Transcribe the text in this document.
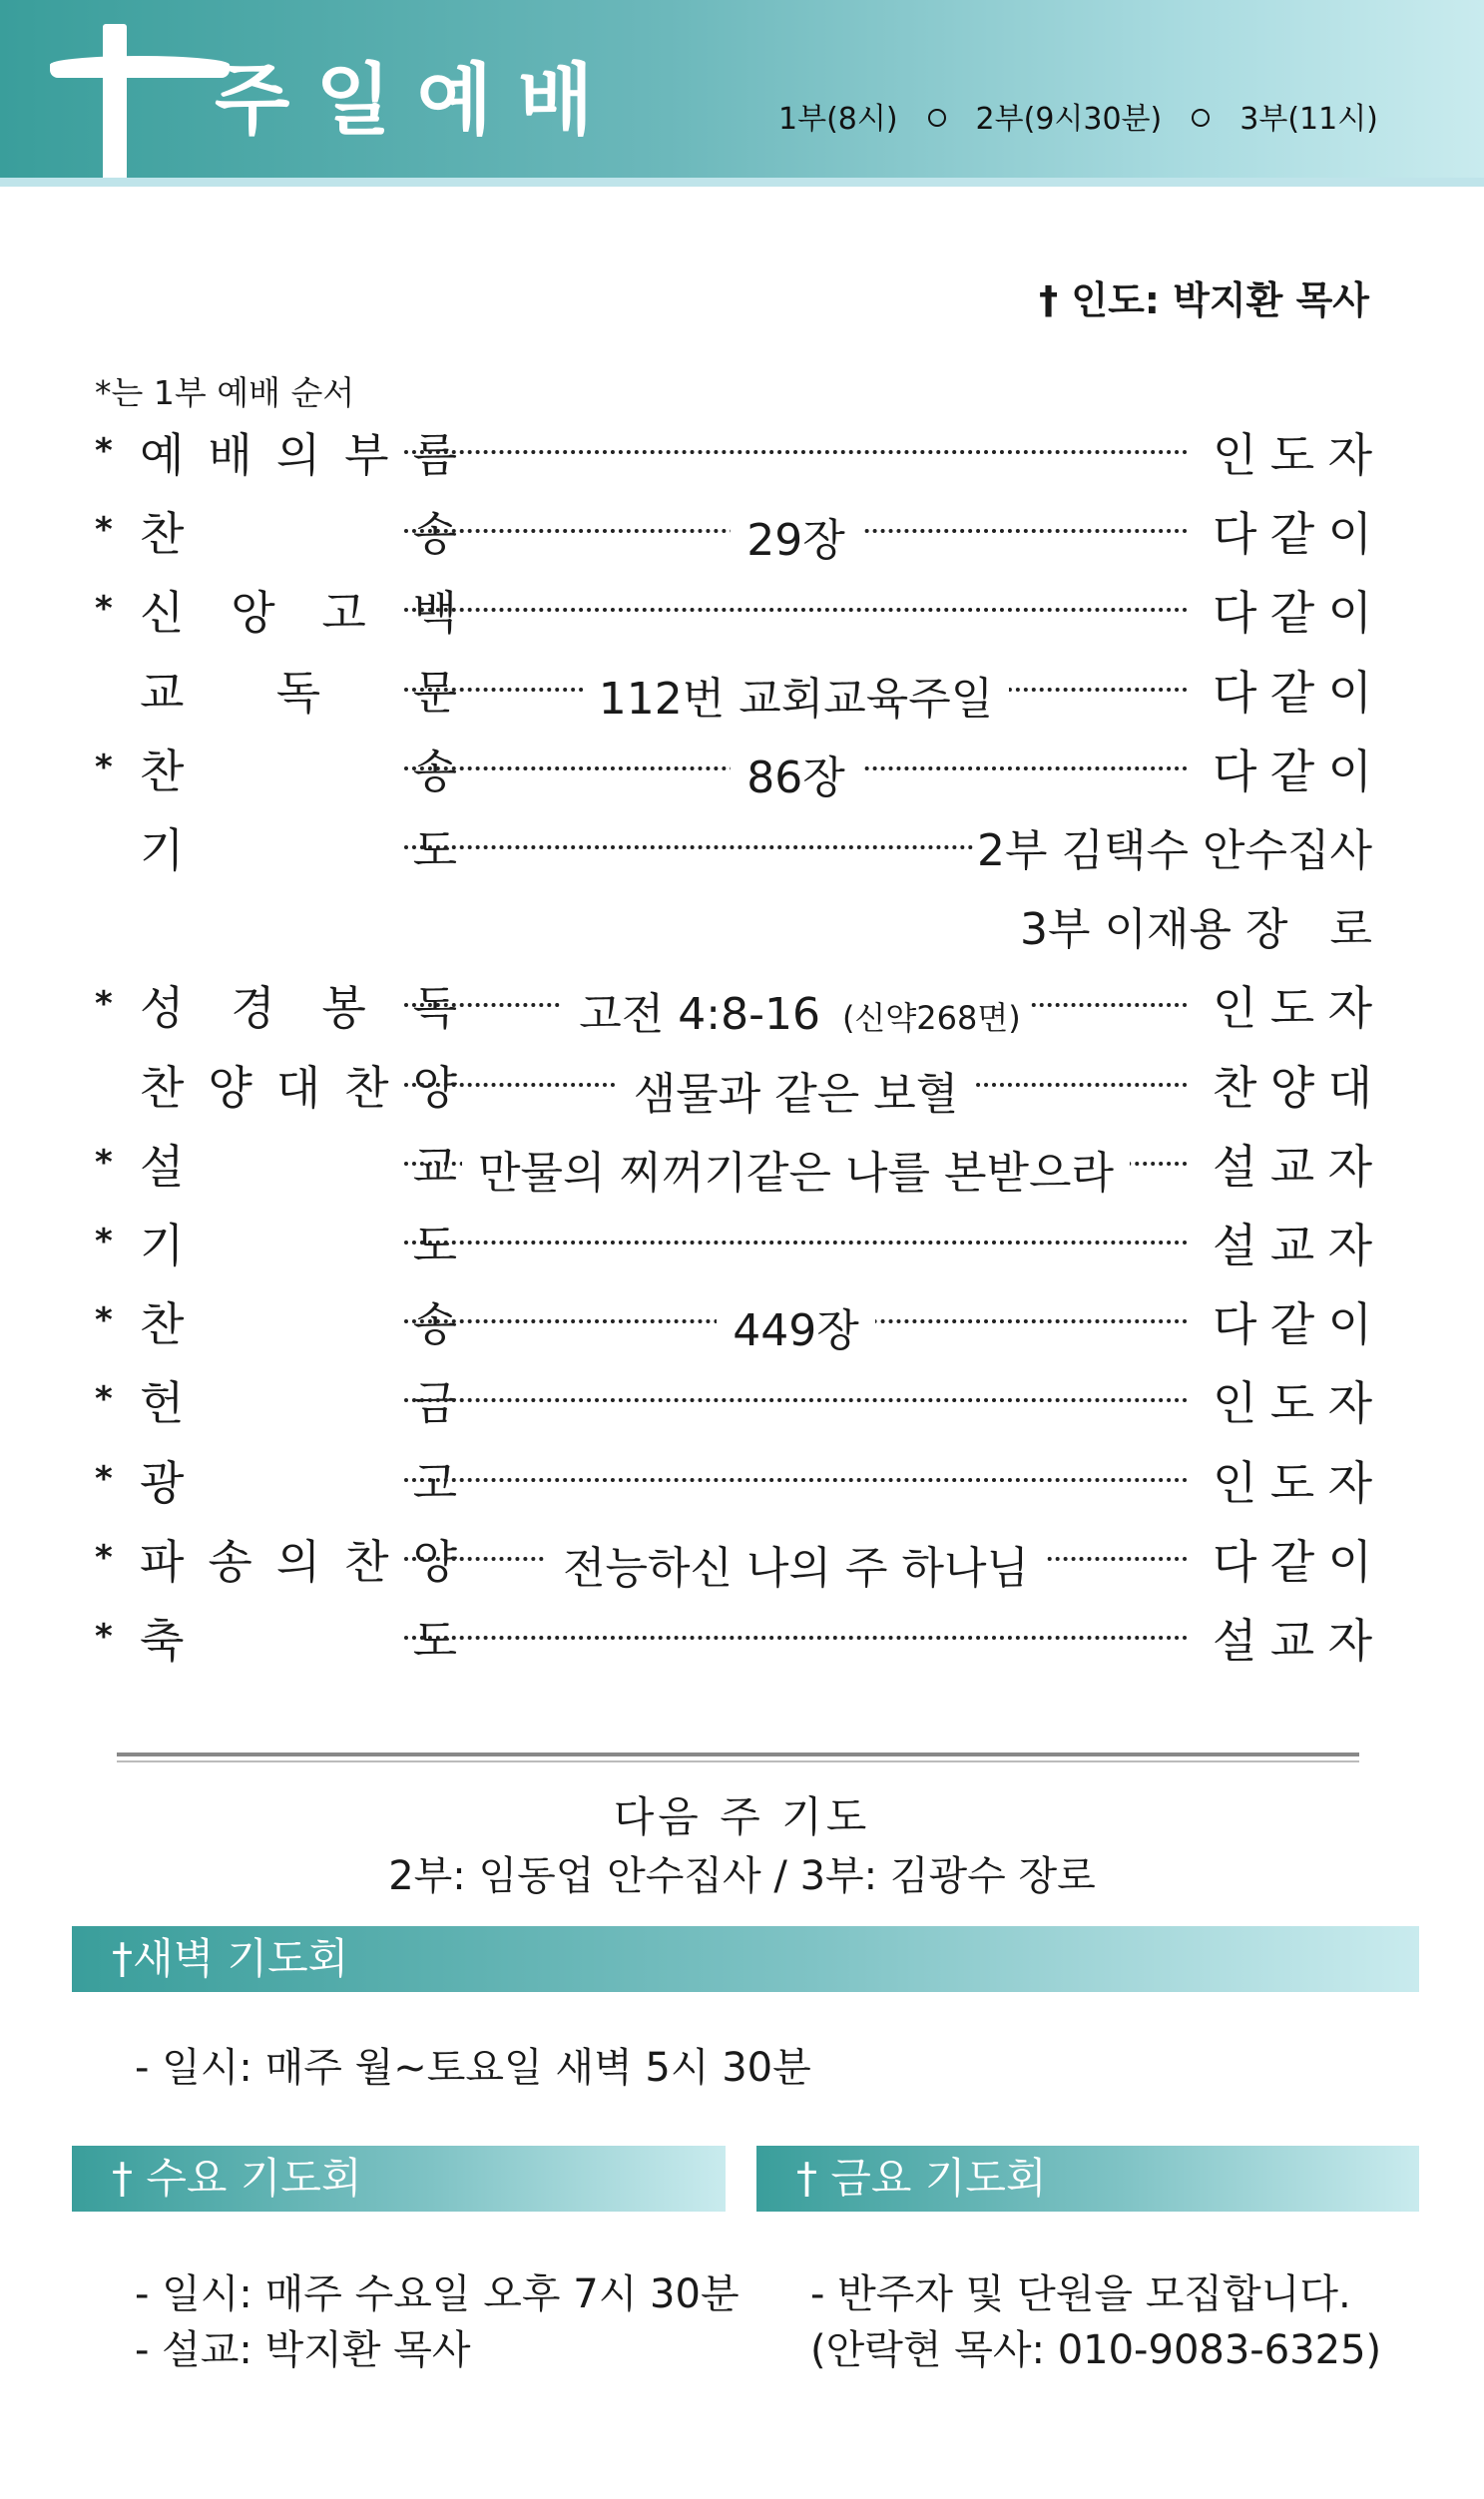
주일예배	1부(8시)	2부(9시30분)	3부(11시)
† 인도: 박지환 목사
*는 1부 예배 순서
* 예 배 의 부 름	인 도 자
* 찬	송	29장	다 같 이
* 신 앙 고 백	다 같 이
교 독 문	112번 교회교육주일	다 같 이
* 찬	송	86장	다 같 이
기	도	2부 김택수 안수집사
3부 이재용 장   로
* 성 경 봉 독	고전 4:8-16 (신약268면)	인 도 자
찬 양 대 찬 양	샘물과 같은 보혈	찬 양 대
* 설	교 만물의 찌꺼기같은 나를 본받으라	설 교 자
* 기	도	설 교 자
* 찬	송	449장	다 같 이
* 헌	금	인 도 자
* 광	고	인 도 자
* 파 송 의 찬 양	전능하신 나의 주 하나님	다 같 이
* 축	도	설 교 자
다음 주 기도
2부: 임동업 안수집사 / 3부: 김광수 장로
†새벽 기도회
- 일시: 매주 월~토요일 새벽 5시 30분
† 수요 기도회
- 일시: 매주 수요일 오후 7시 30분
- 설교: 박지환 목사
† 금요 기도회
- 반주자 및 단원을 모집합니다.
(안락현 목사: 010-9083-6325)
